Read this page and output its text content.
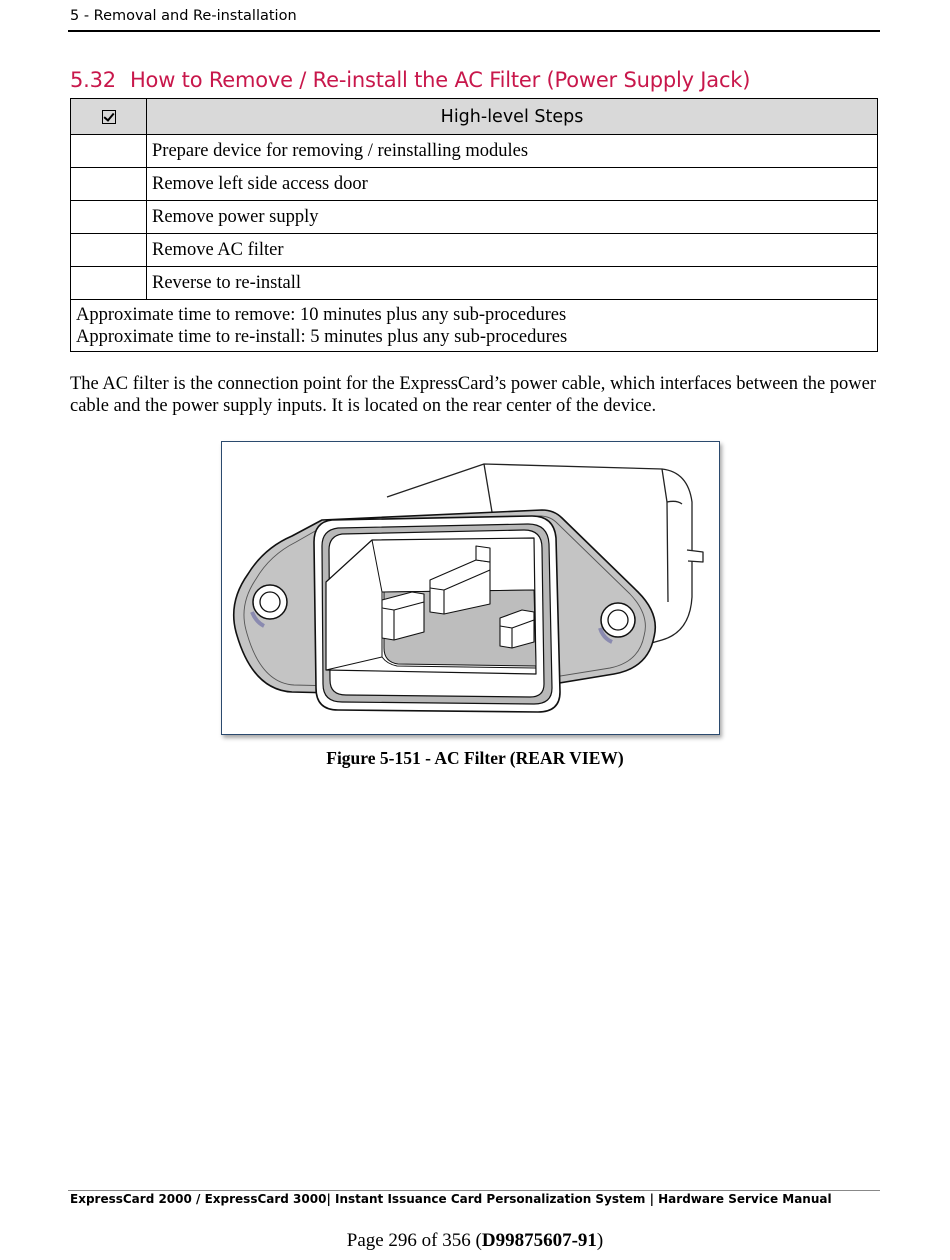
5 - Removal and Re-installation
5.32 How to Remove / Re-install the AC Filter (Power Supply Jack)
	High-level Steps
	Prepare device for removing / reinstalling modules
	Remove left side access door
	Remove power supply
	Remove AC filter
	Reverse to re-install

Approximate time to remove: 10 minutes plus any sub-procedures
Approximate time to re-install: 5 minutes plus any sub-procedures	

The AC filter is the connection point for the ExpressCard’s power cable, which interfaces between the power cable and the power supply inputs. It is located on the rear center of the device.

Figure 5-151 - AC Filter (REAR VIEW)
ExpressCard 2000 / ExpressCard 3000| Instant Issuance Card Personalization System | Hardware Service Manual
Page 296 of 356 (D99875607-91)
